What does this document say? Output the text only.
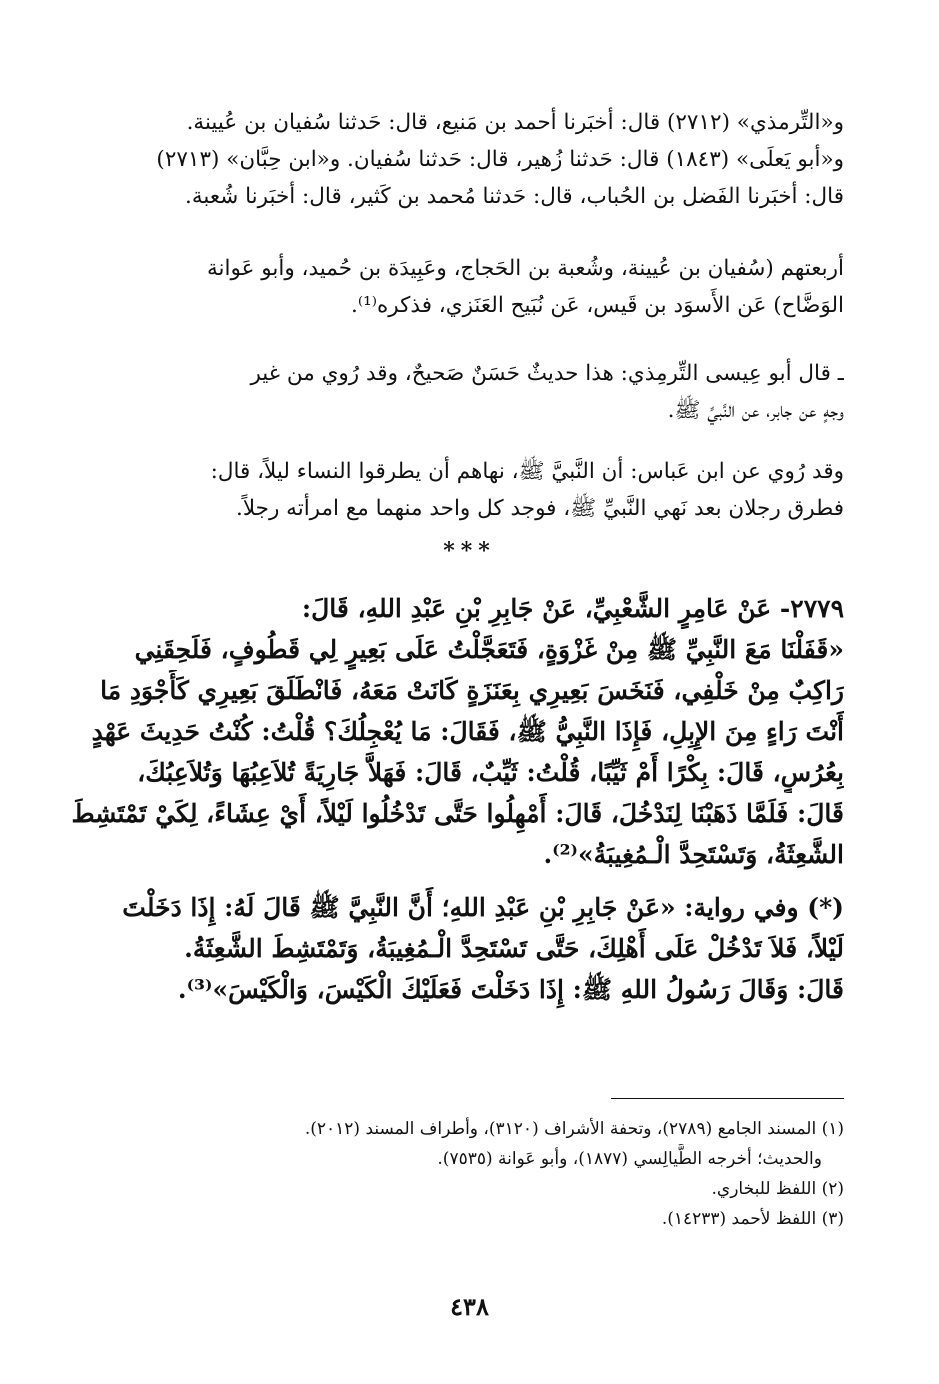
و«التِّرمذي» (٢٧١٢) قال: أخبَرنا أحمد بن مَنيع، قال: حَدثنا سُفيان بن عُيينة.
و«أبو يَعلَى» (١٨٤٣) قال: حَدثنا زُهير، قال: حَدثنا سُفيان. و«ابن حِبَّان» (٢٧١٣)
قال: أخبَرنا الفَضل بن الحُباب، قال: حَدثنا مُحمد بن كَثير، قال: أخبَرنا شُعبة.
أربعتهم (سُفيان بن عُيينة، وشُعبة بن الحَجاج، وعَبِيدَة بن حُميد، وأبو عَوانة
الوَضَّاح) عَن الأَسوَد بن قَيس، عَن نُبَيح العَنَزي، فذكره⁽¹⁾.
ـ قال أبو عِيسى التِّرمِذي: هذا حديثٌ حَسَنٌ صَحيحٌ، وقد رُوي من غير
وجهٍ عن جابر، عن النَّبيِّ ﷺ.
وقد رُوي عن ابن عَباس: أن النَّبيَّ ﷺ، نهاهم أن يطرقوا النساء ليلاً، قال:
فطرق رجلان بعد نَهي النَّبيِّ ﷺ، فوجد كل واحد منهما مع امرأته رجلاً.
***
٢٧٧٩- عَنْ عَامِرٍ الشَّعْبِيِّ، عَنْ جَابِرِ بْنِ عَبْدِ اللهِ، قَالَ:
«قَفَلْنَا مَعَ النَّبِيِّ ﷺ مِنْ غَزْوَةٍ، فَتَعَجَّلْتُ عَلَى بَعِيرٍ لِي قَطُوفٍ، فَلَحِقَنِي
رَاكِبٌ مِنْ خَلْفِي، فَنَخَسَ بَعِيرِي بِعَنَزَةٍ كَانَتْ مَعَهُ، فَانْطَلَقَ بَعِيرِي كَأَجْوَدِ مَا
أَنْتَ رَاءٍ مِنَ الإِبِلِ، فَإِذَا النَّبِيُّ ﷺ، فَقَالَ: مَا يُعْجِلُكَ؟ قُلْتُ: كُنْتُ حَدِيثَ عَهْدٍ
بِعُرُسٍ، قَالَ: بِكْرًا أَمْ ثَيِّبًا، قُلْتُ: ثَيِّبٌ، قَالَ: فَهَلاَّ جَارِيَةً تُلاَعِبُهَا وَتُلاَعِبُكَ،
قَالَ: فَلَمَّا ذَهَبْنَا لِنَدْخُلَ، قَالَ: أَمْهِلُوا حَتَّى تَدْخُلُوا لَيْلاً، أَيْ عِشَاءً، لِكَيْ تَمْتَشِطَ
الشَّعِثَةُ، وَتَسْتَحِدَّ الْـمُغِيبَةُ»⁽²⁾.
(*) وفي رواية: «عَنْ جَابِرِ بْنِ عَبْدِ اللهِ؛ أَنَّ النَّبِيَّ ﷺ قَالَ لَهُ: إِذَا دَخَلْتَ
لَيْلاً، فَلاَ تَدْخُلْ عَلَى أَهْلِكَ، حَتَّى تَسْتَحِدَّ الْـمُغِيبَةُ، وَتَمْتَشِطَ الشَّعِثَةُ.
قَالَ: وَقَالَ رَسُولُ اللهِ ﷺ: إِذَا دَخَلْتَ فَعَلَيْكَ الْكَيْسَ، وَالْكَيْسَ»⁽³⁾.
(١) المسند الجامع (٢٧٨٩)، وتحفة الأشراف (٣١٢٠)، وأطراف المسند (٢٠١٢).
والحديث؛ أخرجه الطَّيالِسي (١٨٧٧)، وأبو عَوانة (٧٥٣٥).
(٢) اللفظ للبخاري.
(٣) اللفظ لأحمد (١٤٢٣٣).
٤٣٨
